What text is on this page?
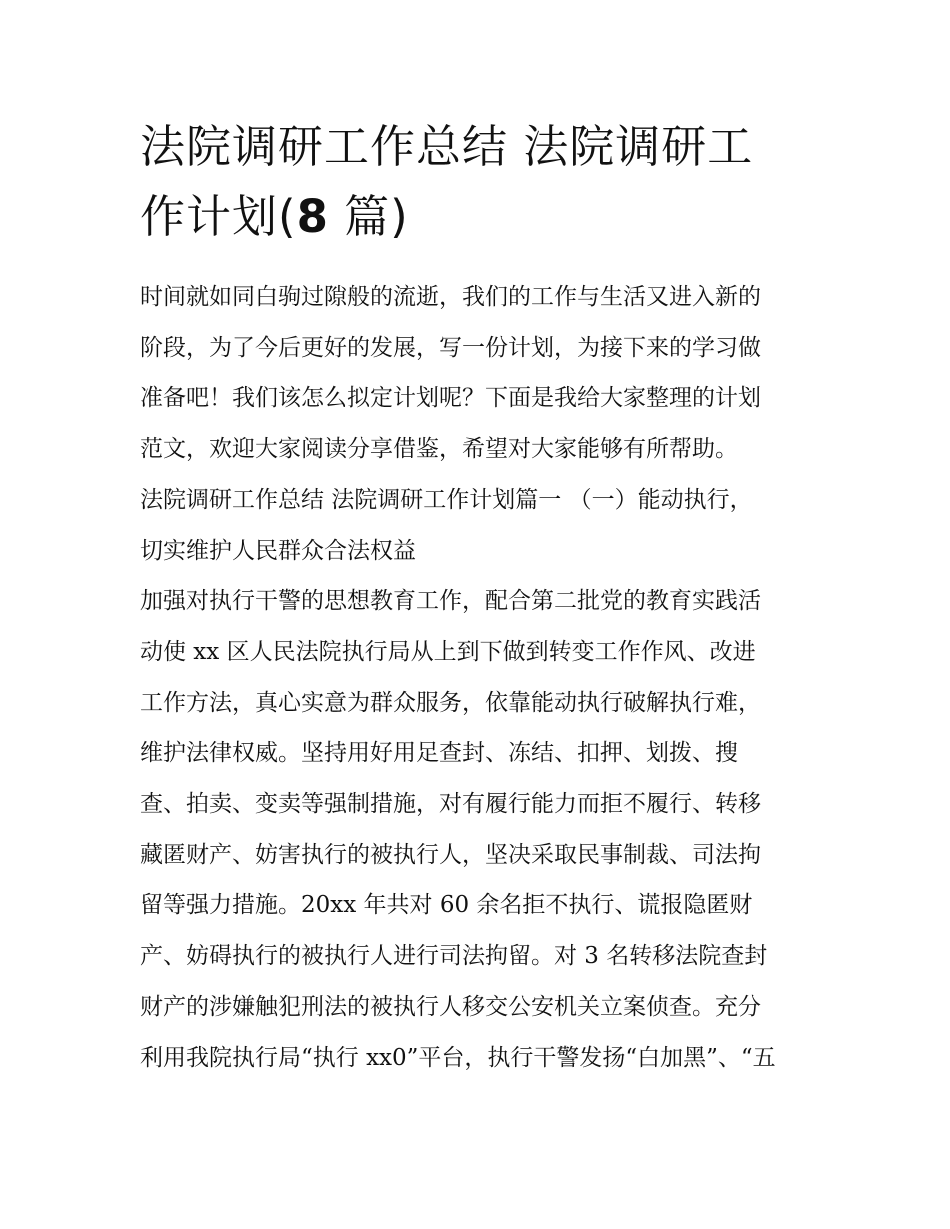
法院调研工作总结 法院调研工
作计划(8 篇)
时间就如同白驹过隙般的流逝，我们的工作与生活又进入新的
阶段，为了今后更好的发展，写一份计划，为接下来的学习做
准备吧！我们该怎么拟定计划呢？下面是我给大家整理的计划
范文，欢迎大家阅读分享借鉴，希望对大家能够有所帮助。
法院调研工作总结 法院调研工作计划篇一 （一）能动执行，
切实维护人民群众合法权益
加强对执行干警的思想教育工作，配合第二批党的教育实践活
动使 xx 区人民法院执行局从上到下做到转变工作作风、改进
工作方法，真心实意为群众服务，依靠能动执行破解执行难，
维护法律权威。坚持用好用足查封、冻结、扣押、划拨、搜
查、拍卖、变卖等强制措施，对有履行能力而拒不履行、转移
藏匿财产、妨害执行的被执行人，坚决采取民事制裁、司法拘
留等强力措施。20xx 年共对 60 余名拒不执行、谎报隐匿财
产、妨碍执行的被执行人进行司法拘留。对 3 名转移法院查封
财产的涉嫌触犯刑法的被执行人移交公安机关立案侦查。充分
利用我院执行局“执行 xx0”平台，执行干警发扬“白加黑”、“五
